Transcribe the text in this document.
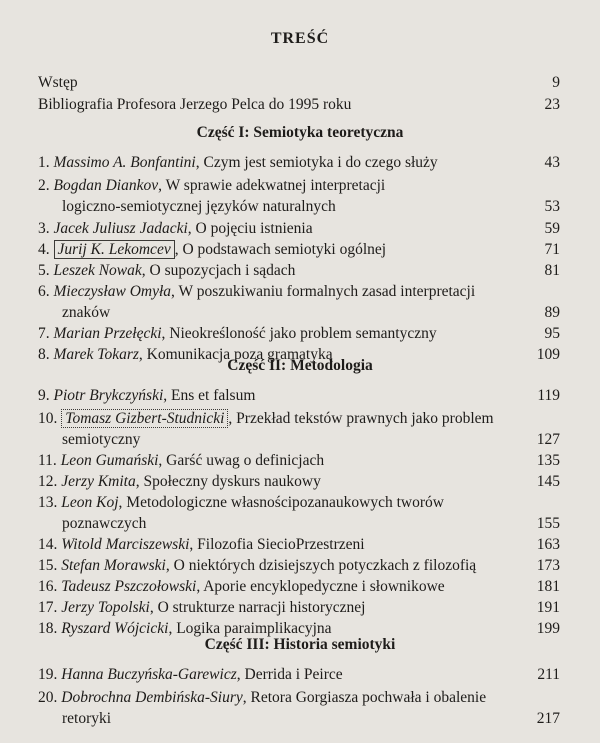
TREŚĆ
Wstęp	9
Bibliografia Profesora Jerzego Pelca do 1995 roku	23
Część I: Semiotyka teoretyczna
1. Massimo A. Bonfantini, Czym jest semiotyka i do czego służy	43
2. Bogdan Diankov, W sprawie adekwatnej interpretacji
logiczno-semiotycznej języków naturalnych	53
3. Jacek Juliusz Jadacki, O pojęciu istnienia	59
4. Jurij K. Lekomcev , O podstawach semiotyki ogólnej	71
5. Leszek Nowak, O supozycjach i sądach	81
6. Mieczysław Omyła, W poszukiwaniu formalnych zasad interpretacji
znaków	89
7. Marian Przełęcki, Nieokreśloność jako problem semantyczny	95
8. Marek Tokarz, Komunikacja poza gramatyką	109
Część II: Metodologia
9. Piotr Brykczyński, Ens et falsum	119
10. Tomasz Gizbert-Studnicki , Przekład tekstów prawnych jako problem
semiotyczny	127
11. Leon Gumański, Garść uwag o definicjach	135
12. Jerzy Kmita, Społeczny dyskurs naukowy	145
13. Leon Koj, Metodologiczne własnościpozanaukowych tworów
poznawczych	155
14. Witold Marciszewski, Filozofia SiecioPrzestrzeni	163
15. Stefan Morawski, O niektórych dzisiejszych potyczkach z filozofią	173
16. Tadeusz Pszczołowski, Aporie encyklopedyczne i słownikowe	181
17. Jerzy Topolski, O strukturze narracji historycznej	191
18. Ryszard Wójcicki, Logika paraimplikacyjna	199
Część III: Historia semiotyki
19. Hanna Buczyńska-Garewicz, Derrida i Peirce	211
20. Dobrochna Dembińska-Siury, Retora Gorgiasza pochwała i obalenie
retoryki	217
